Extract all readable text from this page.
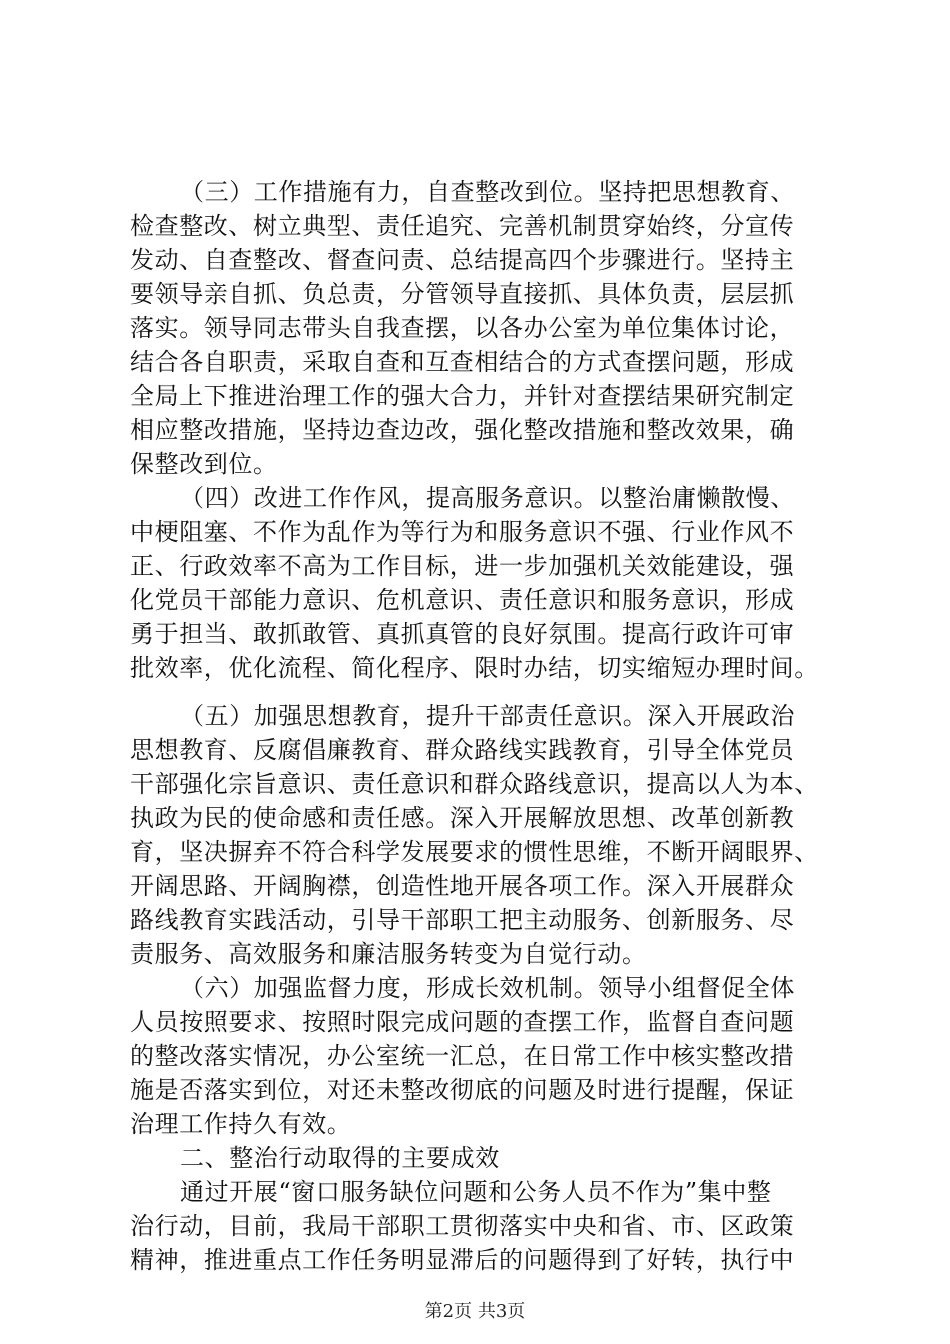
（三）工作措施有力，自查整改到位。坚持把思想教育、
检查整改、树立典型、责任追究、完善机制贯穿始终，分宣传
发动、自查整改、督查问责、总结提高四个步骤进行。坚持主
要领导亲自抓、负总责，分管领导直接抓、具体负责，层层抓
落实。领导同志带头自我查摆，以各办公室为单位集体讨论，
结合各自职责，采取自查和互查相结合的方式查摆问题，形成
全局上下推进治理工作的强大合力，并针对查摆结果研究制定
相应整改措施，坚持边查边改，强化整改措施和整改效果，确
保整改到位。
（四）改进工作作风，提高服务意识。以整治庸懒散慢、
中梗阻塞、不作为乱作为等行为和服务意识不强、行业作风不
正、行政效率不高为工作目标，进一步加强机关效能建设，强
化党员干部能力意识、危机意识、责任意识和服务意识，形成
勇于担当、敢抓敢管、真抓真管的良好氛围。提高行政许可审
批效率，优化流程、简化程序、限时办结，切实缩短办理时间。
（五）加强思想教育，提升干部责任意识。深入开展政治
思想教育、反腐倡廉教育、群众路线实践教育，引导全体党员
干部强化宗旨意识、责任意识和群众路线意识，提高以人为本、
执政为民的使命感和责任感。深入开展解放思想、改革创新教
育，坚决摒弃不符合科学发展要求的惯性思维，不断开阔眼界、
开阔思路、开阔胸襟，创造性地开展各项工作。深入开展群众
路线教育实践活动，引导干部职工把主动服务、创新服务、尽
责服务、高效服务和廉洁服务转变为自觉行动。
（六）加强监督力度，形成长效机制。领导小组督促全体
人员按照要求、按照时限完成问题的查摆工作，监督自查问题
的整改落实情况，办公室统一汇总，在日常工作中核实整改措
施是否落实到位，对还未整改彻底的问题及时进行提醒，保证
治理工作持久有效。
二、整治行动取得的主要成效
通过开展“窗口服务缺位问题和公务人员不作为”集中整
治行动，目前，我局干部职工贯彻落实中央和省、市、区政策
精神，推进重点工作任务明显滞后的问题得到了好转，执行中
第2页 共3页
